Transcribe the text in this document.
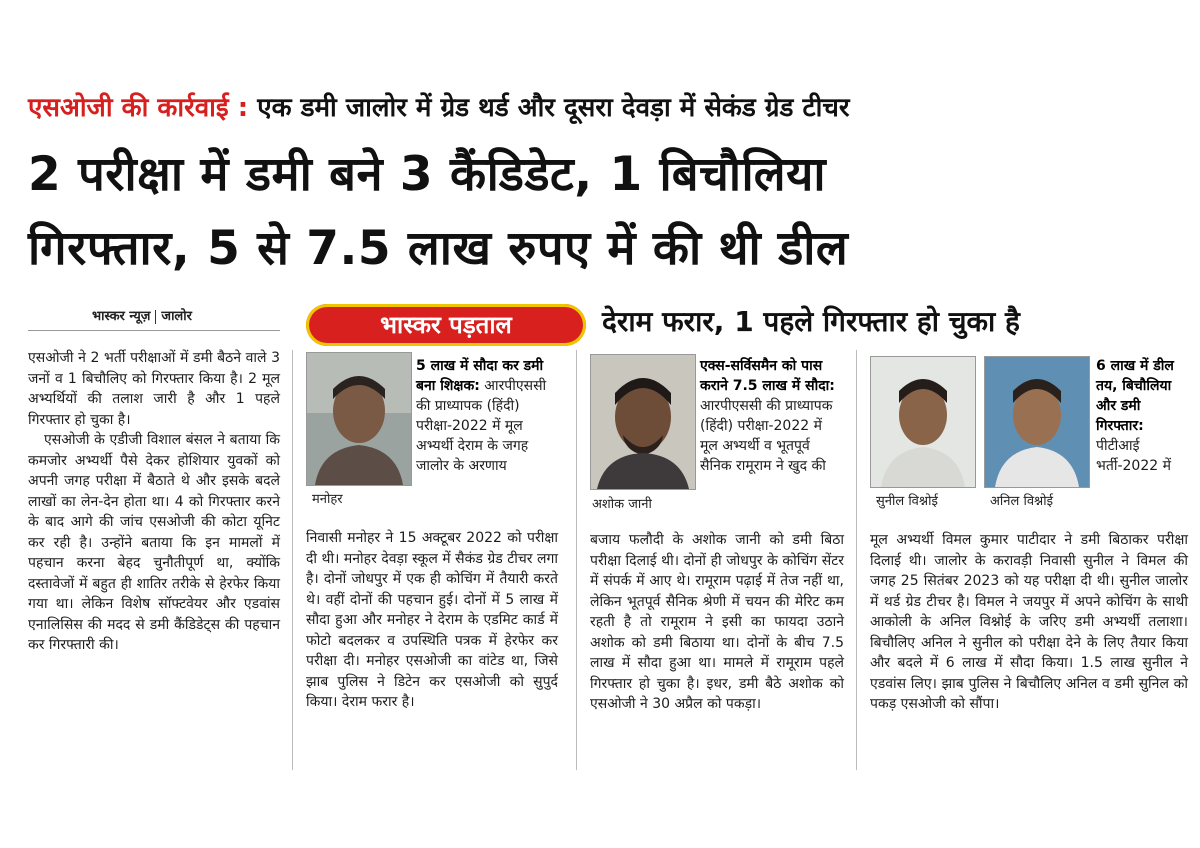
एसओजी की कार्रवाई : एक डमी जालोर में ग्रेड थर्ड और दूसरा देवड़ा में सेकंड ग्रेड टीचर
2 परीक्षा में डमी बने 3 कैंडिडेट, 1 बिचौलिया
गिरफ्तार, 5 से 7.5 लाख रुपए में की थी डील
भास्कर न्यूज़ जालोर	भास्कर पड़ताल	देराम फरार, 1 पहले गिरफ्तार हो चुका है

एसओजी ने 2 भर्ती परीक्षाओं में डमी बैठने वाले 3 जनों व 1 बिचौलिए को गिरफ्तार किया है। 2 मूल अभ्यर्थियों की तलाश जारी है और 1 पहले गिरफ्तार हो चुका है।

एसओजी के एडीजी विशाल बंसल ने बताया कि कमजोर अभ्यर्थी पैसे देकर होशियार युवकों को अपनी जगह परीक्षा में बैठाते थे और इसके बदले लाखों का लेन-देन होता था। 4 को गिरफ्तार करने के बाद आगे की जांच एसओजी की कोटा यूनिट कर रही है। उन्होंने बताया कि इन मामलों में पहचान करना बेहद चुनौतीपूर्ण था, क्योंकि दस्तावेजों में बहुत ही शातिर तरीके से हेरफेर किया गया था। लेकिन विशेष सॉफ्टवेयर और एडवांस एनालिसिस की मदद से डमी कैंडिडेट्स की पहचान कर गिरफ्तारी की।

मनोहर
5 लाख में सौदा कर डमी बना शिक्षक: आरपीएससी की प्राध्यापक (हिंदी) परीक्षा-2022 में मूल अभ्यर्थी देराम के जगह जालोर के अरणाय

निवासी मनोहर ने 15 अक्टूबर 2022 को परीक्षा दी थी। मनोहर देवड़ा स्कूल में सैकंड ग्रेड टीचर लगा है। दोनों जोधपुर में एक ही कोचिंग में तैयारी करते थे। वहीं दोनों की पहचान हुई। दोनों में 5 लाख में सौदा हुआ और मनोहर ने देराम के एडमिट कार्ड में फोटो बदलकर व उपस्थिति पत्रक में हेरफेर कर परीक्षा दी। मनोहर एसओजी का वांटेड था, जिसे झाब पुलिस ने डिटेन कर एसओजी को सुपुर्द किया। देराम फरार है।

अशोक जानी
एक्स-सर्विसमैन को पास कराने 7.5 लाख में सौदा: आरपीएससी की प्राध्यापक (हिंदी) परीक्षा-2022 में मूल अभ्यर्थी व भूतपूर्व सैनिक रामूराम ने खुद की

बजाय फलौदी के अशोक जानी को डमी बिठा परीक्षा दिलाई थी। दोनों ही जोधपुर के कोचिंग सेंटर में संपर्क में आए थे। रामूराम पढ़ाई में तेज नहीं था, लेकिन भूतपूर्व सैनिक श्रेणी में चयन की मेरिट कम रहती है तो रामूराम ने इसी का फायदा उठाने अशोक को डमी बिठाया था। दोनों के बीच 7.5 लाख में सौदा हुआ था। मामले में रामूराम पहले गिरफ्तार हो चुका है। इधर, डमी बैठे अशोक को एसओजी ने 30 अप्रैल को पकड़ा।

सुनील विश्नोई	अनिल विश्नोई
6 लाख में डील तय, बिचौलिया और डमी गिरफ्तार: पीटीआई भर्ती-2022 में

मूल अभ्यर्थी विमल कुमार पाटीदार ने डमी बिठाकर परीक्षा दिलाई थी। जालोर के करावड़ी निवासी सुनील ने विमल की जगह 25 सितंबर 2023 को यह परीक्षा दी थी। सुनील जालोर में थर्ड ग्रेड टीचर है। विमल ने जयपुर में अपने कोचिंग के साथी आकोली के अनिल विश्नोई के जरिए डमी अभ्यर्थी तलाशा। बिचौलिए अनिल ने सुनील को परीक्षा देने के लिए तैयार किया और बदले में 6 लाख में सौदा किया। 1.5 लाख सुनील ने एडवांस लिए। झाब पुलिस ने बिचौलिए अनिल व डमी सुनिल को पकड़ एसओजी को सौंपा।
